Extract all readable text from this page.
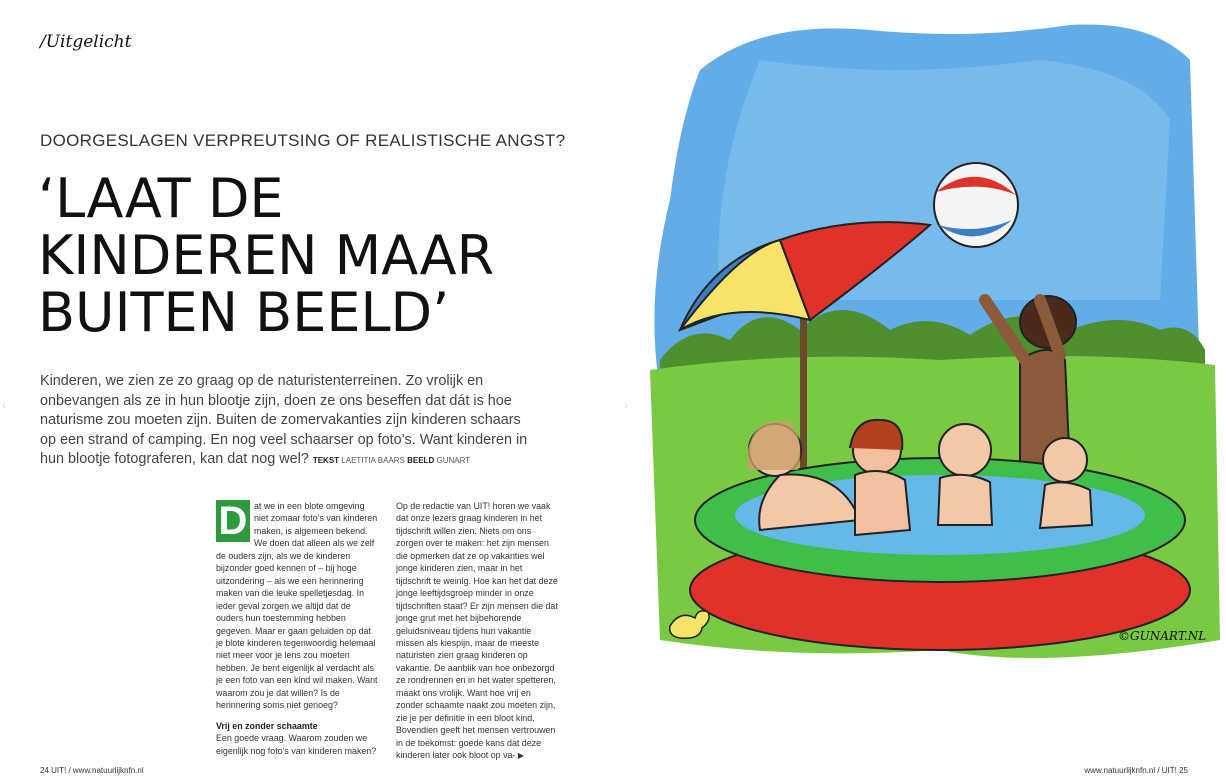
/Uitgelicht
DOORGESLAGEN VERPREUTSING OF REALISTISCHE ANGST?
‘LAAT DE
KINDEREN MAAR
BUITEN BEELD’

Kinderen, we zien ze zo graag op de naturistenterreinen. Zo vrolijk en onbevangen als ze in hun blootje zijn, doen ze ons beseffen dat dát is hoe naturisme zou moeten zijn. Buiten de zomervakanties zijn kinderen schaars op een strand of camping. En nog veel schaarser op foto’s. Want kinderen in hun blootje fotograferen, kan dat nog wel? TEKST LAETITIA BAARS BEELD GUNART

‹	›
D at we in een blote omgeving niet zomaar foto’s van kinderen maken, is algemeen bekend. We doen dat alleen als we zelf de ouders zijn, als we de kinderen bijzonder goed kennen of – bij hoge uitzondering – als we een herinnering maken van die leuke spelletjesdag. In ieder geval zorgen we altijd dat de ouders hun toestemming hebben gegeven. Maar er gaan geluiden op dat je blote kinderen tegenwoordig helemaal niet meer voor je lens zou moeten hebben. Je bent eigenlijk al verdacht als je een foto van een kind wil maken. Want waarom zou je dat willen? Is de herinnering soms niet genoeg?
Vrij en zonder schaamte
Een goede vraag. Waarom zouden we eigenlijk nog foto’s van kinderen maken?
Op de redactie van UIT! horen we vaak dat onze lezers graag kinderen in het tijdschrift willen zien. Niets om ons zorgen over te maken: het zijn mensen die opmerken dat ze op vakanties wel jonge kinderen zien, maar in het tijdschrift te weinig. Hoe kan het dat deze jonge leeftijdsgroep minder in onze tijdschriften staat? Er zijn mensen die dat jonge grut met het bijbehorende geluidsniveau tijdens hun vakantie missen als kiespijn, maar de meeste naturisten zien graag kinderen op vakantie. De aanblik van hoe onbezorgd ze rondrennen en in het water spetteren, maakt ons vrolijk. Want hoe vrij en zonder schaamte naakt zou moeten zijn, zie je per definitie in een bloot kind. Bovendien geeft het mensen vertrouwen in de toekomst: goede kans dat deze kinderen later ook bloot op va- ▶
24 UIT! / www.natuurlijknfn.nl	www.natuurlijknfn.nl / UIT! 25
©GUNART.NL
